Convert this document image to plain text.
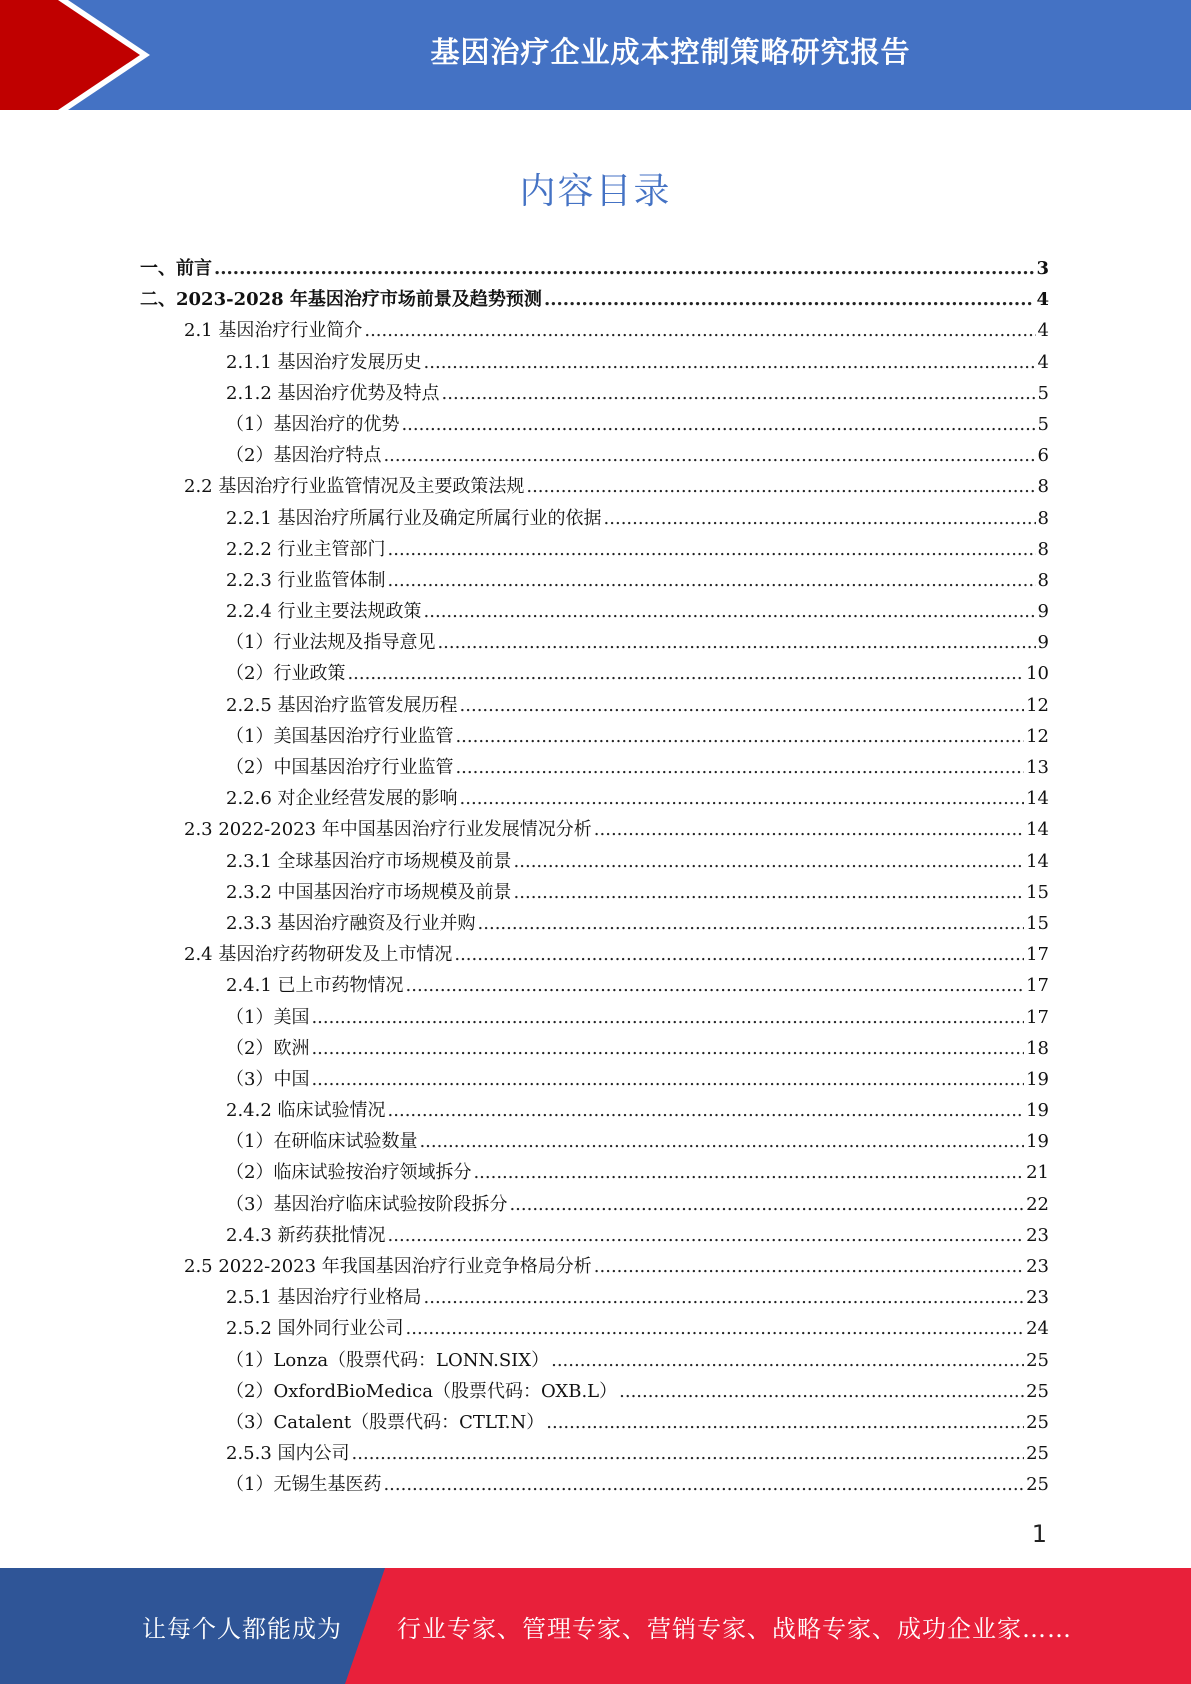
基因治疗企业成本控制策略研究报告
内容目录
一、前言 .....	3
二、2023-2028 年基因治疗市场前景及趋势预测 .....	4
2.1 基因治疗行业简介 .....	4
2.1.1 基因治疗发展历史 .....	4
2.1.2 基因治疗优势及特点 .....	5
（1）基因治疗的优势 .....	5
（2）基因治疗特点 .....	6
2.2 基因治疗行业监管情况及主要政策法规 .....	8
2.2.1 基因治疗所属行业及确定所属行业的依据 .....	8
2.2.2 行业主管部门 .....	8
2.2.3 行业监管体制 .....	8
2.2.4 行业主要法规政策 .....	9
（1）行业法规及指导意见 .....	9
（2）行业政策 .....	10
2.2.5 基因治疗监管发展历程 .....	12
（1）美国基因治疗行业监管 .....	12
（2）中国基因治疗行业监管 .....	13
2.2.6 对企业经营发展的影响 .....	14
2.3 2022-2023 年中国基因治疗行业发展情况分析 .....	14
2.3.1 全球基因治疗市场规模及前景 .....	14
2.3.2 中国基因治疗市场规模及前景 .....	15
2.3.3 基因治疗融资及行业并购 .....	15
2.4 基因治疗药物研发及上市情况 .....	17
2.4.1 已上市药物情况 .....	17
（1）美国 .....	17
（2）欧洲 .....	18
（3）中国 .....	19
2.4.2 临床试验情况 .....	19
（1）在研临床试验数量 .....	19
（2）临床试验按治疗领域拆分 .....	21
（3）基因治疗临床试验按阶段拆分 .....	22
2.4.3 新药获批情况 .....	23
2.5 2022-2023 年我国基因治疗行业竞争格局分析 .....	23
2.5.1 基因治疗行业格局 .....	23
2.5.2 国外同行业公司 .....	24
（1）Lonza（股票代码：LONN.SIX） .....	25
（2）OxfordBioMedica（股票代码：OXB.L） .....	25
（3）Catalent（股票代码：CTLT.N） .....	25
2.5.3 国内公司 .....	25
（1）无锡生基医药 .....	25
1
让每个人都能成为 行业专家、管理专家、营销专家、战略专家、成功企业家……
